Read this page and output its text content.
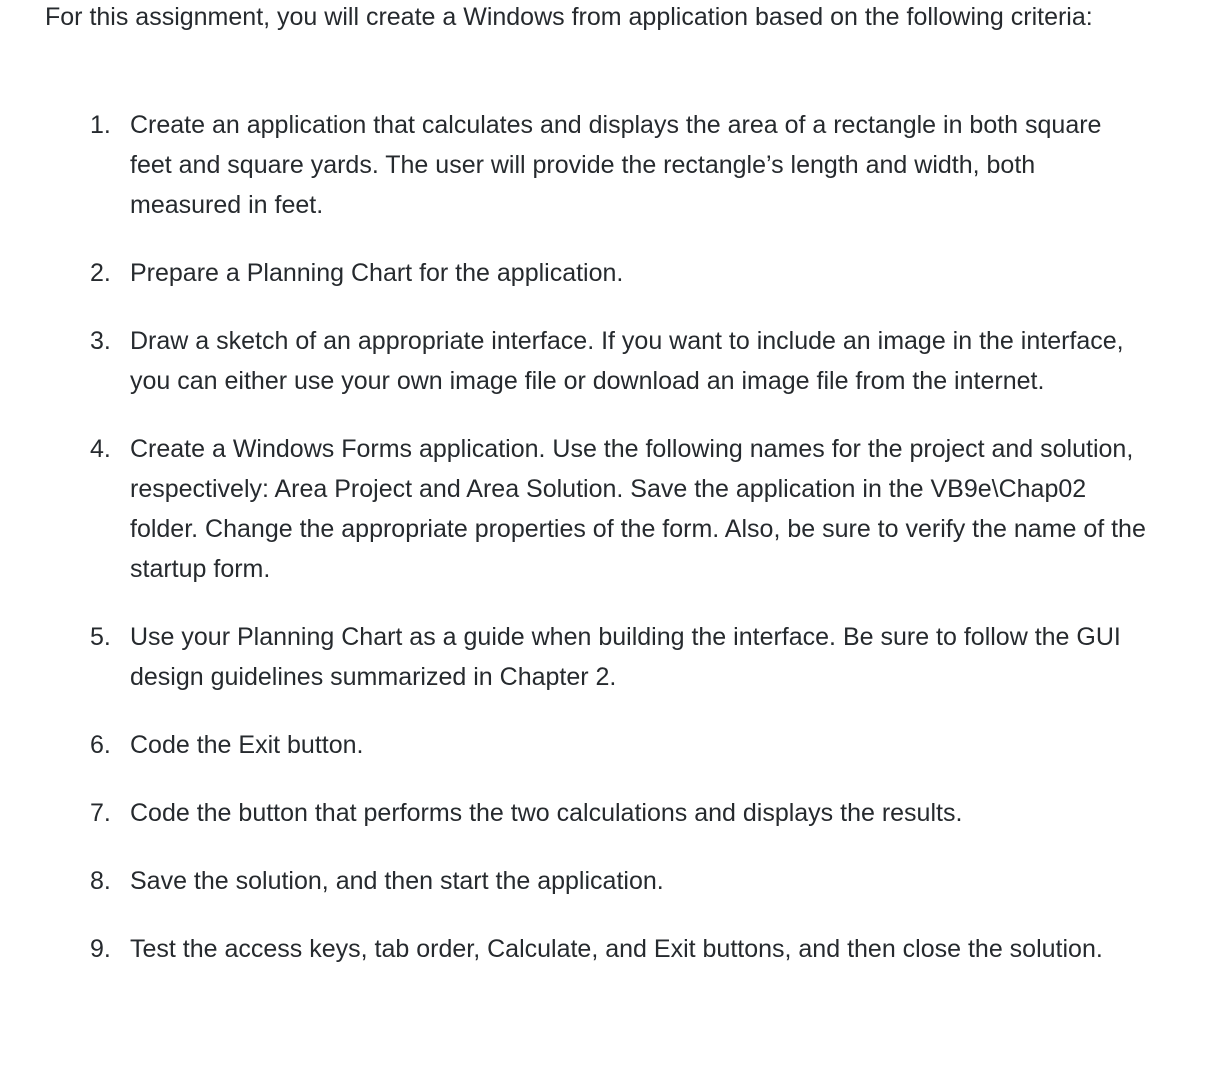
For this assignment, you will create a Windows from application based on the following criteria:

1. Create an application that calculates and displays the area of a rectangle in both square feet and square yards. The user will provide the rectangle’s length and width, both measured in feet.
2. Prepare a Planning Chart for the application.
3. Draw a sketch of an appropriate interface. If you want to include an image in the interface, you can either use your own image file or download an image file from the internet.
4. Create a Windows Forms application. Use the following names for the project and solution, respectively: Area Project and Area Solution. Save the application in the VB9e\Chap02 folder. Change the appropriate properties of the form. Also, be sure to verify the name of the startup form.
5. Use your Planning Chart as a guide when building the interface. Be sure to follow the GUI design guidelines summarized in Chapter 2.
6. Code the Exit button.
7. Code the button that performs the two calculations and displays the results.
8. Save the solution, and then start the application.
9. Test the access keys, tab order, Calculate, and Exit buttons, and then close the solution.
